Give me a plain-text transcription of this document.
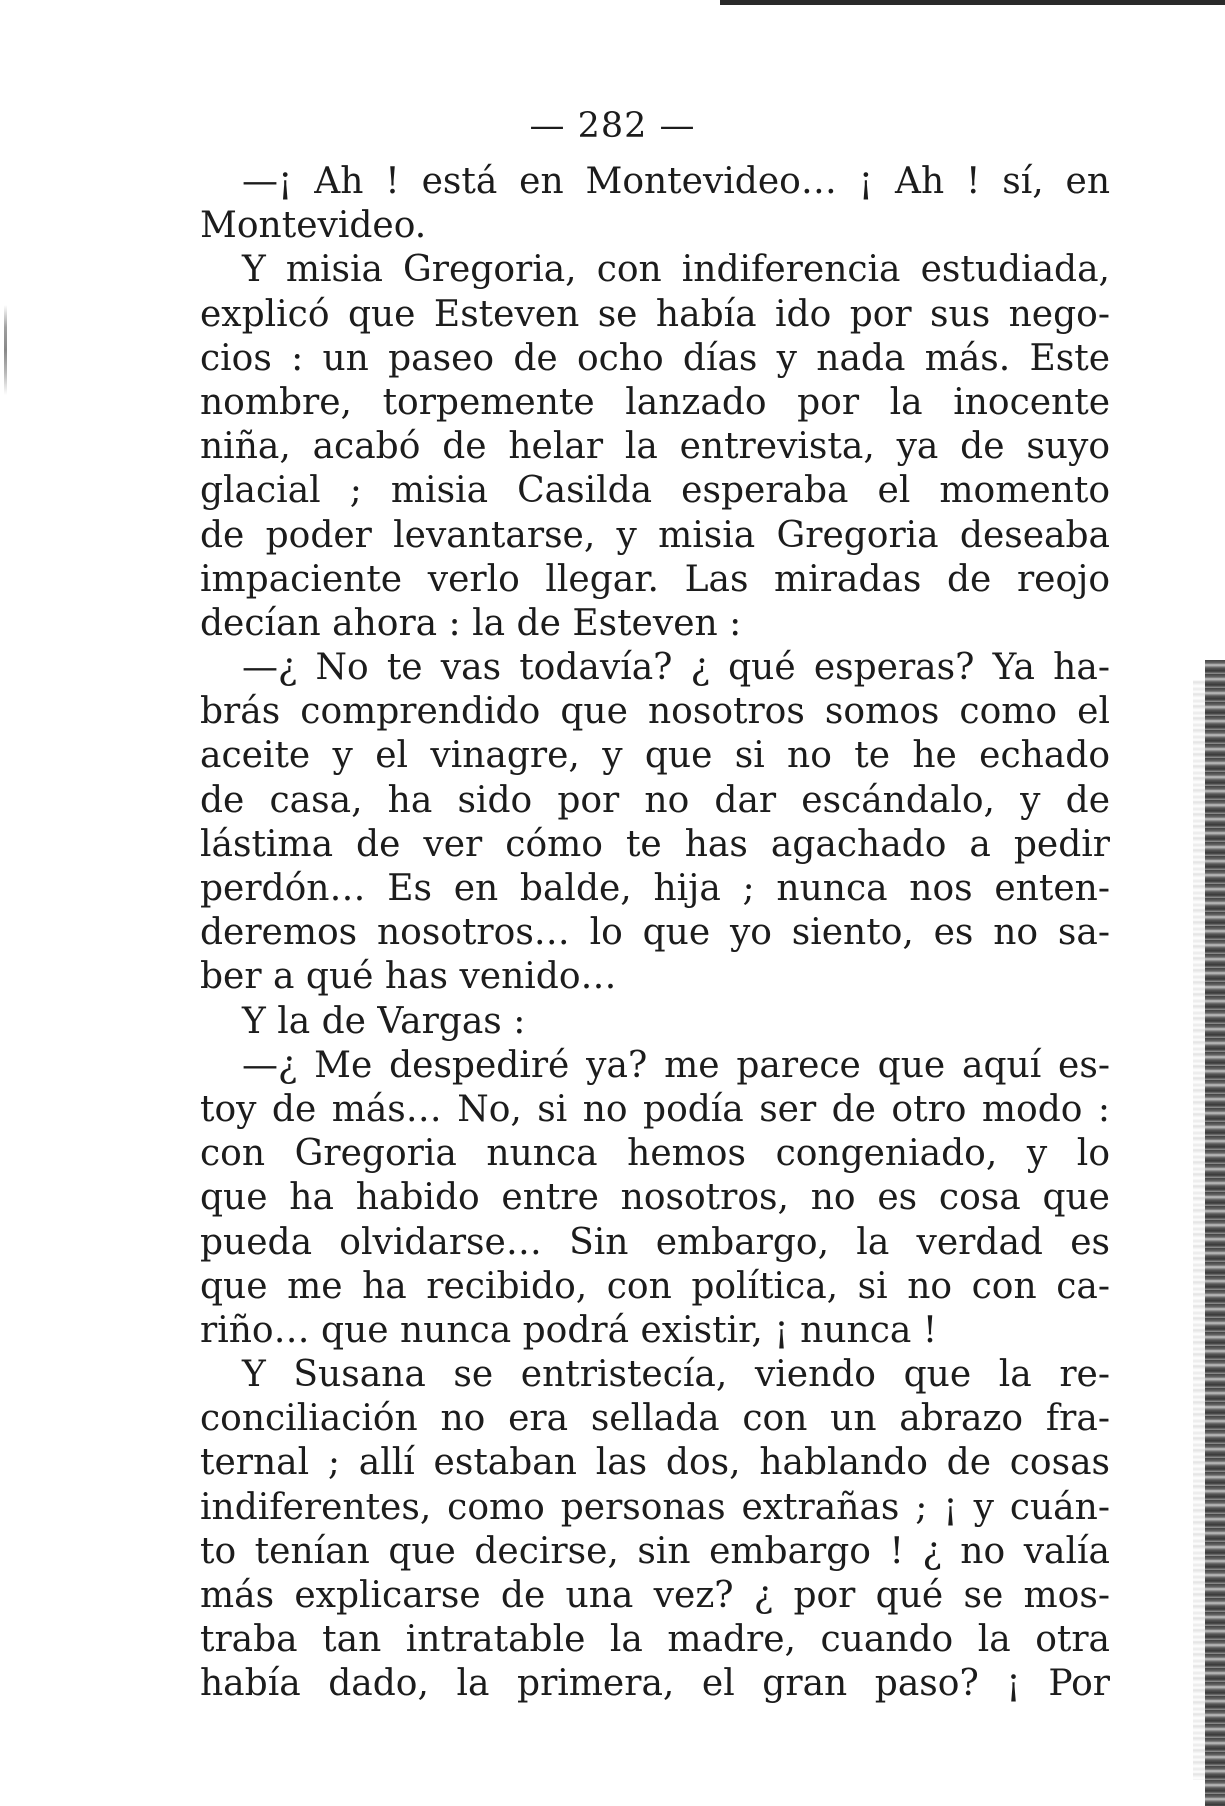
— 282 —
—¡ Ah ! está en Montevideo… ¡ Ah ! sí, en
Montevideo.
Y misia Gregoria, con indiferencia estudiada,
explicó que Esteven se había ido por sus nego-
cios : un paseo de ocho días y nada más. Este
nombre, torpemente lanzado por la inocente
niña, acabó de helar la entrevista, ya de suyo
glacial ; misia Casilda esperaba el momento
de poder levantarse, y misia Gregoria deseaba
impaciente verlo llegar. Las miradas de reojo
decían ahora : la de Esteven :
—¿ No te vas todavía? ¿ qué esperas? Ya ha-
brás comprendido que nosotros somos como el
aceite y el vinagre, y que si no te he echado
de casa, ha sido por no dar escándalo, y de
lástima de ver cómo te has agachado a pedir
perdón… Es en balde, hija ; nunca nos enten-
deremos nosotros… lo que yo siento, es no sa-
ber a qué has venido…
Y la de Vargas :
—¿ Me despediré ya? me parece que aquí es-
toy de más… No, si no podía ser de otro modo :
con Gregoria nunca hemos congeniado, y lo
que ha habido entre nosotros, no es cosa que
pueda olvidarse… Sin embargo, la verdad es
que me ha recibido, con política, si no con ca-
riño… que nunca podrá existir, ¡ nunca !
Y Susana se entristecía, viendo que la re-
conciliación no era sellada con un abrazo fra-
ternal ; allí estaban las dos, hablando de cosas
indiferentes, como personas extrañas ; ¡ y cuán-
to tenían que decirse, sin embargo ! ¿ no valía
más explicarse de una vez? ¿ por qué se mos-
traba tan intratable la madre, cuando la otra
había dado, la primera, el gran paso? ¡ Por
